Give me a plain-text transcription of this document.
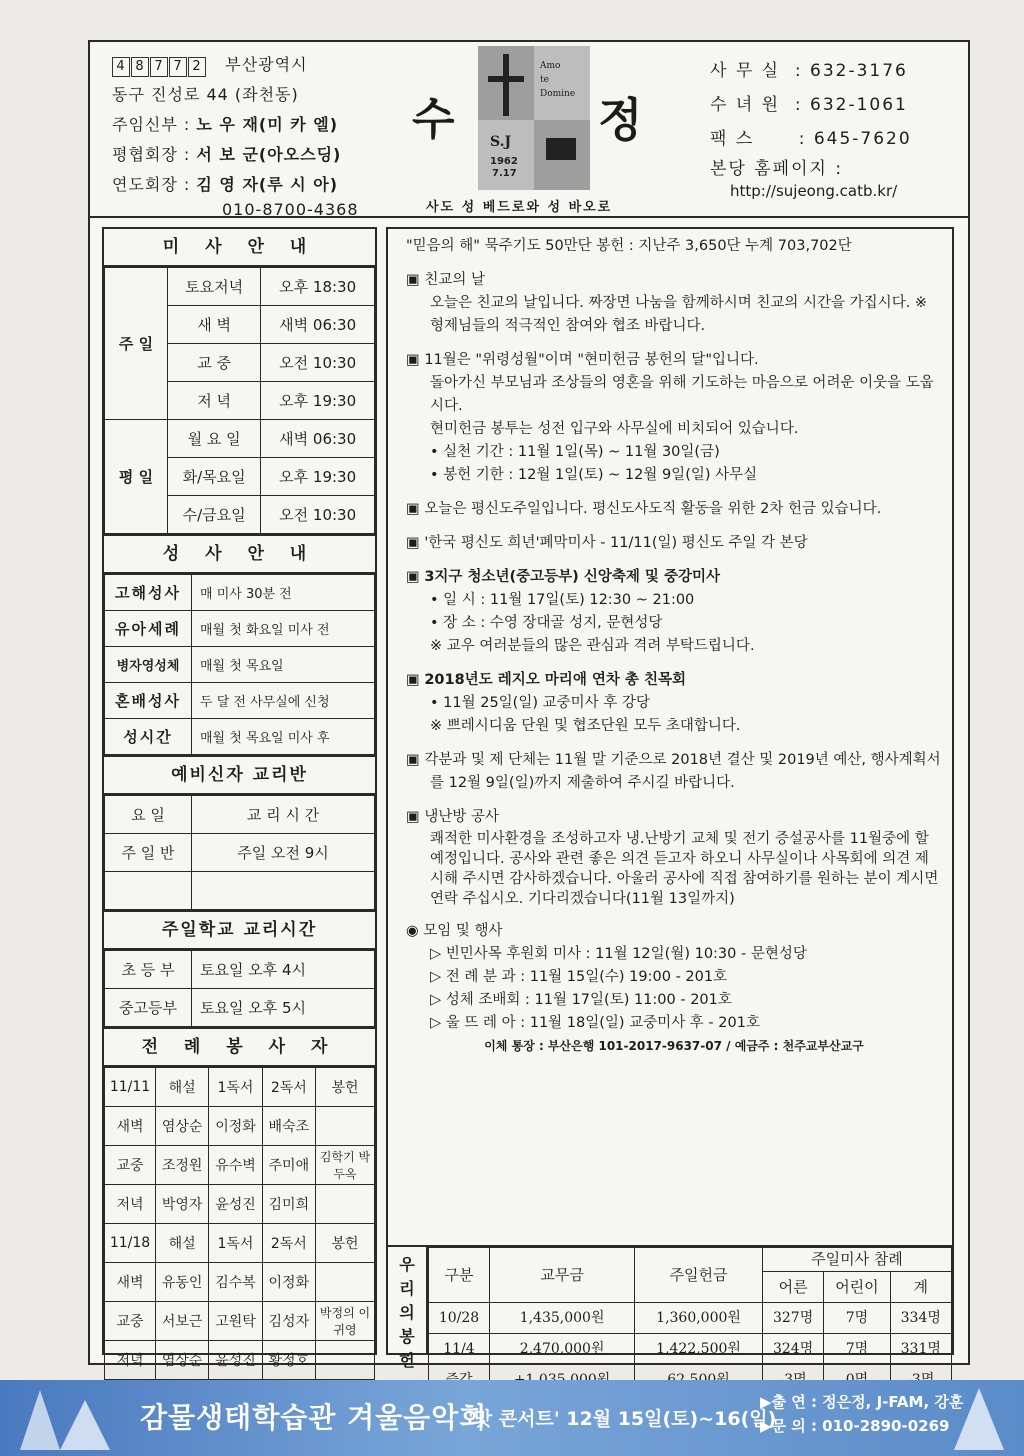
4 8 7 7 2 부산광역시
동구 진성로 44 (좌천동)
주임신부 : 노 우 재(미 카 엘)
평협회장 : 서 보 군(아오스딩)
연도회장 : 김 영 자(루 시 아)
010-8700-4368
Amo
te
Domine
S.J
1962
7.17
수	정
사도 성 베드로와 성 바오로
사 무 실 : 632-3176
수 녀 원 : 632-1061
팩 스	: 645-7620
본당 홈페이지 :
http://sujeong.catb.kr/
미 사 안 내
주 일	토요저녁	오후 18:30
	새 벽	새벽 06:30
	교 중	오전 10:30
	저 녁	오후 19:30
평 일	월 요 일	새벽 06:30
	화/목요일	오후 19:30
	수/금요일	오전 10:30
성 사 안 내
고해성사	매 미사 30분 전
유아세례	매월 첫 화요일 미사 전
병자영성체	매월 첫 목요일
혼배성사	두 달 전 사무실에 신청
성시간	매월 첫 목요일 미사 후
예비신자 교리반
요 일	교 리 시 간
주 일 반	주일 오전 9시

주일학교 교리시간
초 등 부	토요일 오후 4시
중고등부	토요일 오후 5시
전 례 봉 사 자
11/11	해설	1독서	2독서	봉헌
새벽	염상순	이정화	배숙조	
교중	조정원	유수벽	주미애	김학기 박두옥
저녁	박영자	윤성진	김미희	
11/18	해설	1독서	2독서	봉헌
새벽	유동인	김수복	이정화	
교중	서보근	고원탁	김성자	박정의 이귀영
저녁	염상순	윤성진	황정호	

"믿음의 해" 묵주기도 50만단 봉헌 : 지난주 3,650단 누계 703,702단

▣ 친교의 날

오늘은 친교의 날입니다. 짜장면 나눔을 함께하시며 친교의 시간을 가집시다. ※ 형제님들의 적극적인 참여와 협조 바랍니다.

▣ 11월은 "위령성월"이며 "현미헌금 봉헌의 달"입니다.

돌아가신 부모님과 조상들의 영혼을 위해 기도하는 마음으로 어려운 이웃을 도웁시다.

현미헌금 봉투는 성전 입구와 사무실에 비치되어 있습니다.

• 실천 기간 : 11월 1일(목) ~ 11월 30일(금)

• 봉헌 기한 : 12월 1일(토) ~ 12월 9일(일) 사무실

▣ 오늘은 평신도주일입니다. 평신도사도직 활동을 위한 2차 헌금 있습니다.

▣ '한국 평신도 희년'폐막미사 - 11/11(일) 평신도 주일 각 본당

▣ 3지구 청소년(중고등부) 신앙축제 및 중강미사

• 일 시 : 11월 17일(토) 12:30 ~ 21:00

• 장 소 : 수영 장대골 성지, 문현성당

※ 교우 여러분들의 많은 관심과 격려 부탁드립니다.

▣ 2018년도 레지오 마리애 연차 총 친목회

• 11월 25일(일) 교중미사 후 강당

※ 쁘레시디움 단원 및 협조단원 모두 초대합니다.

▣ 각분과 및 제 단체는 11월 말 기준으로 2018년 결산 및 2019년 예산, 행사계획서를 12월 9일(일)까지 제출하여 주시길 바랍니다.

▣ 냉난방 공사

쾌적한 미사환경을 조성하고자 냉.난방기 교체 및 전기 증설공사를 11월중에 할 예정입니다. 공사와 관련 좋은 의견 듣고자 하오니 사무실이나 사목회에 의견 제시해 주시면 감사하겠습니다. 아울러 공사에 직접 참여하기를 원하는 분이 계시면 연락 주십시오. 기다리겠습니다(11월 13일까지)

◉ 모임 및 행사

▷ 빈민사목 후원회 미사 : 11월 12일(월) 10:30 - 문현성당

▷ 전 례 분 과 : 11월 15일(수) 19:00 - 201호

▷ 성체 조배회 : 11월 17일(토) 11:00 - 201호

▷ 울 뜨 레 아 : 11월 18일(일) 교중미사 후 - 201호

이체 통장 : 부산은행 101-2017-9637-07 / 예금주 : 천주교부산교구

우
리
의
봉
헌
구분	교무금	주일헌금	주일미사 참례		
			어른	어린이	계
10/28	1,435,000원	1,360,000원	327명	7명	334명
11/4	2,470,000원	1,422,500원	324명	7명	331명

감물생태학습관 겨울음악회
'맛 콘서트' 12월 15일(토)~16(일)
▶출 연 : 정은정, J-FAM, 강훈
▶문 의 : 010-2890-0269
